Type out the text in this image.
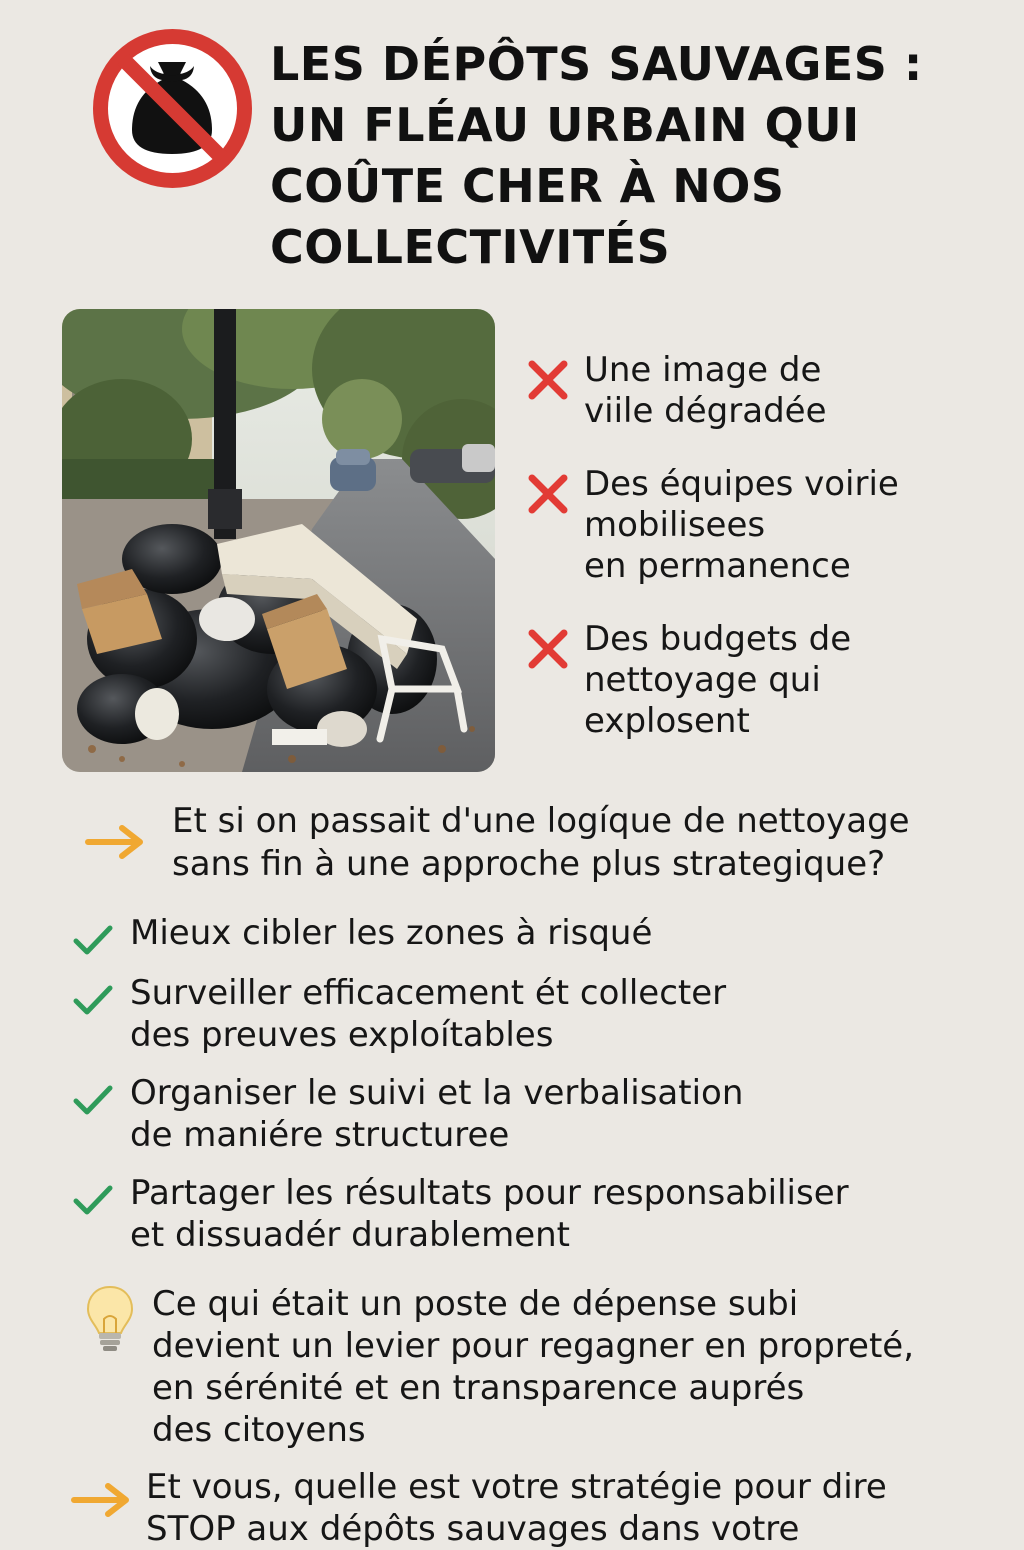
LES DÉPÔTS SAUVAGES :
UN FLÉAU URBAIN QUI
COÛTE CHER À NOS
COLLECTIVITÉS
Une image de
viile dégradée
Des équipes voirie
mobilisees
en permanence
Des budgets de
nettoyage qui
explosent
Et si on passait d'une logíque de nettoyage
sans fin à une approche plus strategique?
Mieux cibler les zones à risqué
Surveiller efficacement ét collecter
des preuves exploítables
Organiser le suivi et la verbalisation
de maniére structuree
Partager les résultats pour responsabiliser
et dissuadér durablement
Ce qui était un poste de dépense subi
devient un levier pour regagner en propreté,
en sérénité et en transparence auprés
des citoyens
Et vous, quelle est votre stratégie pour dire
STOP aux dépôts sauvages dans votre
